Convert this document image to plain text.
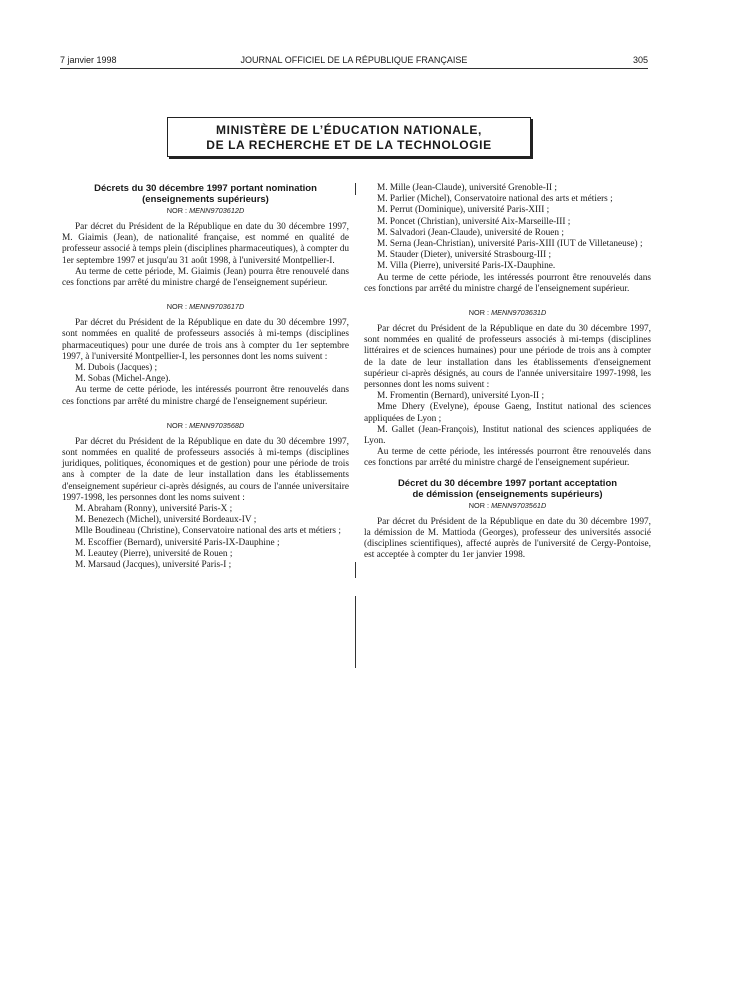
7 janvier 1998	JOURNAL OFFICIEL DE LA RÉPUBLIQUE FRANÇAISE	305
MINISTÈRE DE L’ÉDUCATION NATIONALE,
DE LA RECHERCHE ET DE LA TECHNOLOGIE
Décrets du 30 décembre 1997 portant nomination
(enseignements supérieurs)
NOR : MENN9703612D

Par décret du Président de la République en date du 30 décembre 1997, M. Giaimis (Jean), de nationalité française, est nommé en qualité de professeur associé à temps plein (disciplines pharmaceutiques), à compter du 1er septembre 1997 et jusqu'au 31 août 1998, à l'université Montpellier-I.

Au terme de cette période, M. Giaimis (Jean) pourra être renouvelé dans ces fonctions par arrêté du ministre chargé de l'enseignement supérieur.

NOR : MENN9703617D

Par décret du Président de la République en date du 30 décembre 1997, sont nommées en qualité de professeurs associés à mi-temps (disciplines pharmaceutiques) pour une durée de trois ans à compter du 1er septembre 1997, à l'université Montpellier-I, les personnes dont les noms suivent :

M. Dubois (Jacques) ;

M. Sobas (Michel-Ange).

Au terme de cette période, les intéressés pourront être renouvelés dans ces fonctions par arrêté du ministre chargé de l'enseignement supérieur.

NOR : MENN9703568D

Par décret du Président de la République en date du 30 décembre 1997, sont nommées en qualité de professeurs associés à mi-temps (disciplines juridiques, politiques, économiques et de gestion) pour une période de trois ans à compter de la date de leur installation dans les établissements d'enseignement supérieur ci-après désignés, au cours de l'année universitaire 1997-1998, les personnes dont les noms suivent :

M. Abraham (Ronny), université Paris-X ;

M. Benezech (Michel), université Bordeaux-IV ;

Mlle Boudineau (Christine), Conservatoire national des arts et métiers ;

M. Escoffier (Bernard), université Paris-IX-Dauphine ;

M. Leautey (Pierre), université de Rouen ;

M. Marsaud (Jacques), université Paris-I ;

M. Mille (Jean-Claude), université Grenoble-II ;

M. Parlier (Michel), Conservatoire national des arts et métiers ;

M. Perrut (Dominique), université Paris-XIII ;

M. Poncet (Christian), université Aix-Marseille-III ;

M. Salvadori (Jean-Claude), université de Rouen ;

M. Serna (Jean-Christian), université Paris-XIII (IUT de Villetaneuse) ;

M. Stauder (Dieter), université Strasbourg-III ;

M. Villa (Pierre), université Paris-IX-Dauphine.

Au terme de cette période, les intéressés pourront être renouvelés dans ces fonctions par arrêté du ministre chargé de l'enseignement supérieur.

NOR : MENN9703631D

Par décret du Président de la République en date du 30 décembre 1997, sont nommées en qualité de professeurs associés à mi-temps (disciplines littéraires et de sciences humaines) pour une période de trois ans à compter de la date de leur installation dans les établissements d'enseignement supérieur ci-après désignés, au cours de l'année universitaire 1997-1998, les personnes dont les noms suivent :

M. Fromentin (Bernard), université Lyon-II ;

Mme Dhery (Evelyne), épouse Gaeng, Institut national des sciences appliquées de Lyon ;

M. Gallet (Jean-François), Institut national des sciences appliquées de Lyon.

Au terme de cette période, les intéressés pourront être renouvelés dans ces fonctions par arrêté du ministre chargé de l'enseignement supérieur.

Décret du 30 décembre 1997 portant acceptation
de démission (enseignements supérieurs)
NOR : MENN9703561D

Par décret du Président de la République en date du 30 décembre 1997, la démission de M. Mattioda (Georges), professeur des universités associé (disciplines scientifiques), affecté auprès de l'université de Cergy-Pontoise, est acceptée à compter du 1er janvier 1998.
